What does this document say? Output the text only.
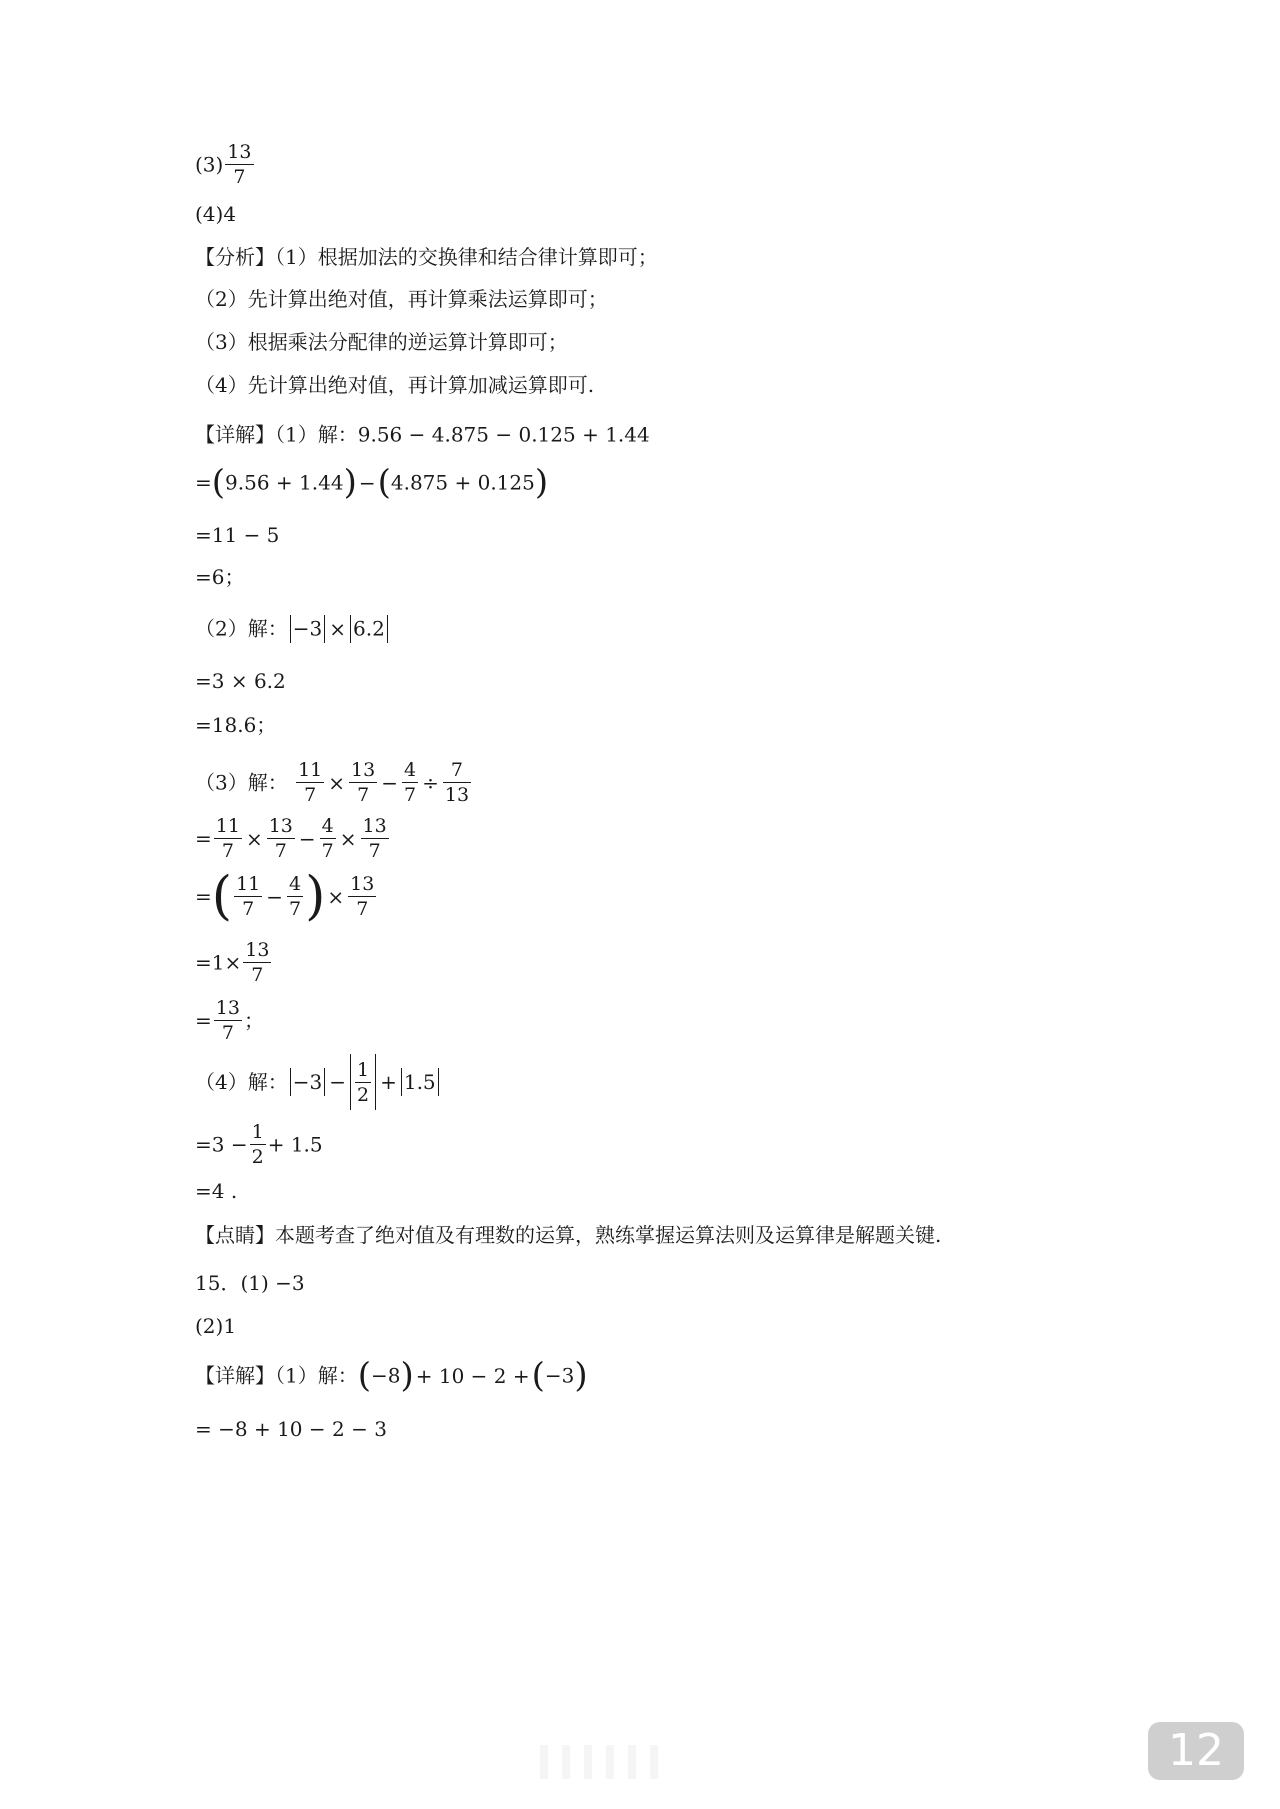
$(3) \frac{13}{7}$
(4)4
【分析】（1）根据加法的交换律和结合律计算即可；
（2）先计算出绝对值，再计算乘法运算即可；
（3）根据乘法分配律的逆运算计算即可；
（4）先计算出绝对值，再计算加减运算即可.
【详解】（1）解：9.56 − 4.875 − 0.125 + 1.44
=(9.56 + 1.44) −(4.875 + 0.125)
=11 − 5
=6；
（2）解： −3 × 6.2
=3 × 6.2
=18.6；
（3）解： $\frac{11}{7} \times \frac{13}{7} - \frac{4}{7} \div \frac{7}{13}$
= $\frac{11}{7} \times \frac{13}{7} - \frac{4}{7} \times \frac{13}{7}$
=( $\frac{11}{7} - \frac{4}{7}$ ) × $\frac{13}{7}$
$=1\times \frac{13}{7}$
= $\frac{13}{7}$ ；
（4）解： $-3 - \frac{1}{2} + 1.5$
$=3 - \frac{1}{2} + 1.5$
=4 .
【点睛】本题考查了绝对值及有理数的运算，熟练掌握运算法则及运算律是解题关键.
15．(1) −3
(2)1
【详解】（1）解：(−8) + 10 − 2 +(−3)
= −8 + 10 − 2 − 3
12
